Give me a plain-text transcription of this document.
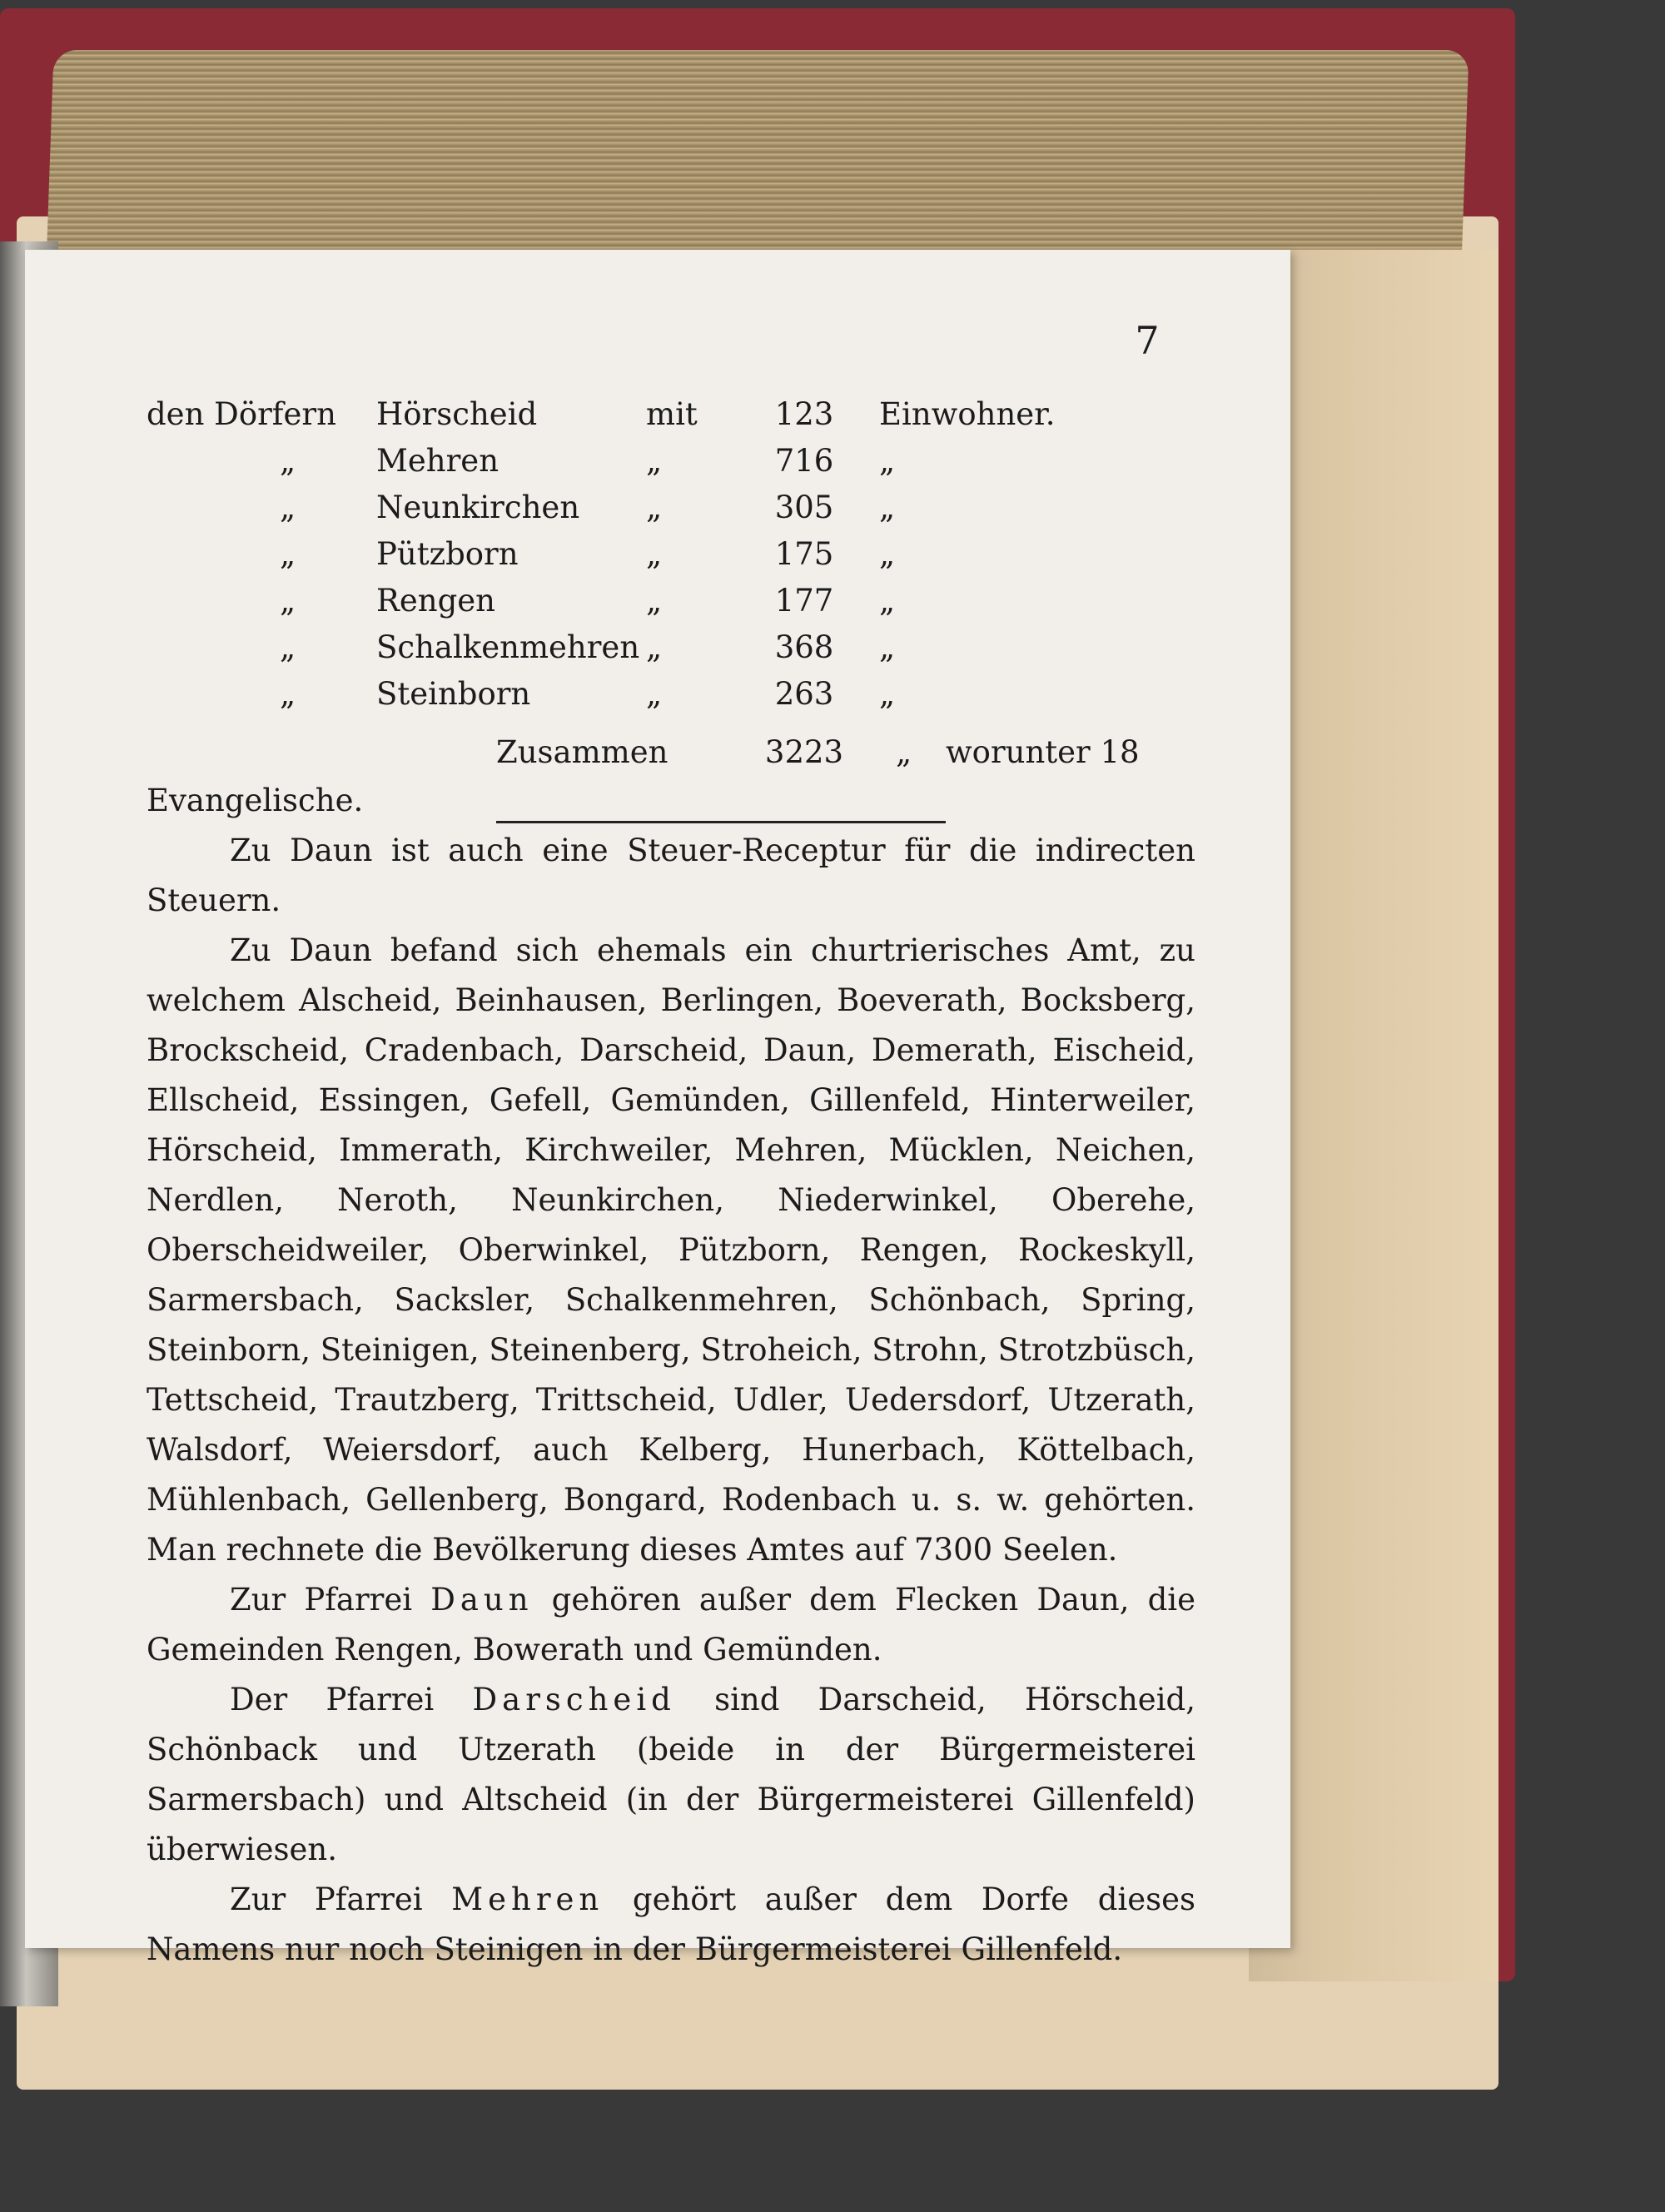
7
den Dörfern Hörscheid	mit	123	Einwohner.
„	Mehren	„	716	„
„	Neunkirchen „	305	„
„	Pützborn	„	175	„
„	Rengen	„	177	„
„	Schalkenmehren „	368	„
„	Steinborn	„	263	„
Zusammen	3223	„ worunter 18

Evangelische.

Zu Daun ist auch eine Steuer-Receptur für die indirecten Steuern.

Zu Daun befand sich ehemals ein churtrierisches Amt, zu welchem Alscheid, Beinhausen, Berlingen, Boeverath, Bocksberg, Brockscheid, Cradenbach, Darscheid, Daun, Demerath, Eischeid, Ellscheid, Essingen, Gefell, Gemünden, Gillenfeld, Hinterweiler, Hörscheid, Immerath, Kirchweiler, Mehren, Mücklen, Neichen, Nerdlen, Neroth, Neunkirchen, Niederwinkel, Oberehe, Oberscheidweiler, Oberwinkel, Pützborn, Rengen, Rockeskyll, Sarmersbach, Sacksler, Schalkenmehren, Schönbach, Spring, Steinborn, Steinigen, Steinenberg, Stroheich, Strohn, Strotzbüsch, Tettscheid, Trautzberg, Trittscheid, Udler, Uedersdorf, Utzerath, Walsdorf, Weiersdorf, auch Kelberg, Hunerbach, Köttelbach, Mühlenbach, Gellenberg, Bongard, Rodenbach u. s. w. gehörten. Man rechnete die Bevölkerung dieses Amtes auf 7300 Seelen.

Zur Pfarrei Daun gehören außer dem Flecken Daun, die Gemeinden Rengen, Bowerath und Gemünden.

Der Pfarrei Darscheid sind Darscheid, Hörscheid, Schönback und Utzerath (beide in der Bürgermeisterei Sarmersbach) und Altscheid (in der Bürgermeisterei Gillenfeld) überwiesen.

Zur Pfarrei Mehren gehört außer dem Dorfe dieses Namens nur noch Steinigen in der Bürgermeisterei Gillenfeld.
